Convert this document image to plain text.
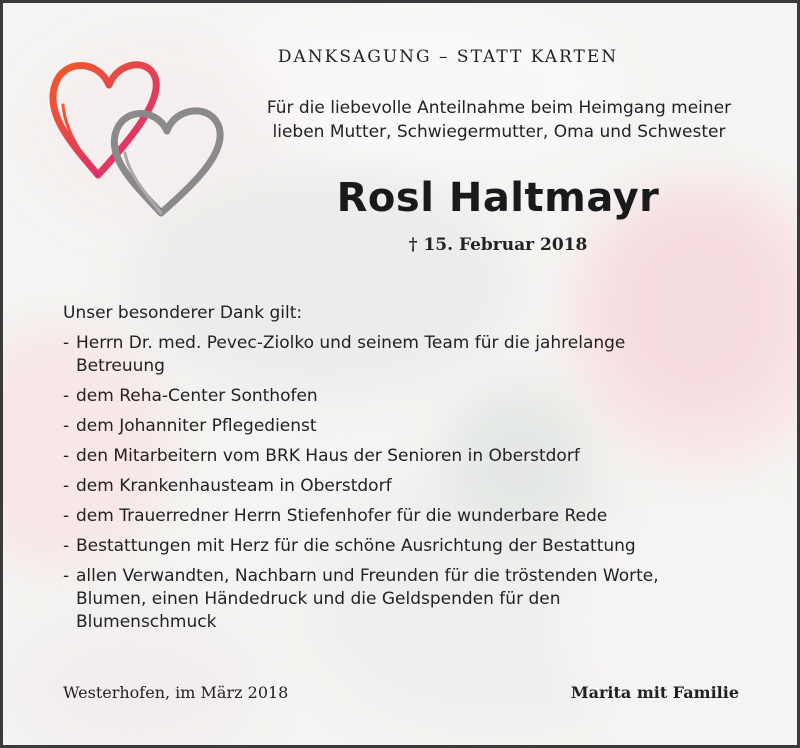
DANKSAGUNG – STATT KARTEN
Für die liebevolle Anteilnahme beim Heimgang meiner lieben Mutter, Schwiegermutter, Oma und Schwester
Rosl Haltmayr
† 15. Februar 2018
Unser besonderer Dank gilt:
- Herrn Dr. med. Pevec-Ziolko und seinem Team für die jahrelange Betreuung
- dem Reha-Center Sonthofen
- dem Johanniter Pflegedienst
- den Mitarbeitern vom BRK Haus der Senioren in Oberstdorf
- dem Krankenhausteam in Oberstdorf
- dem Trauerredner Herrn Stiefenhofer für die wunderbare Rede
- Bestattungen mit Herz für die schöne Ausrichtung der Bestattung
- allen Verwandten, Nachbarn und Freunden für die tröstenden Worte, Blumen, einen Händedruck und die Geldspenden für den Blumenschmuck
Westerhofen, im März 2018	Marita mit Familie
